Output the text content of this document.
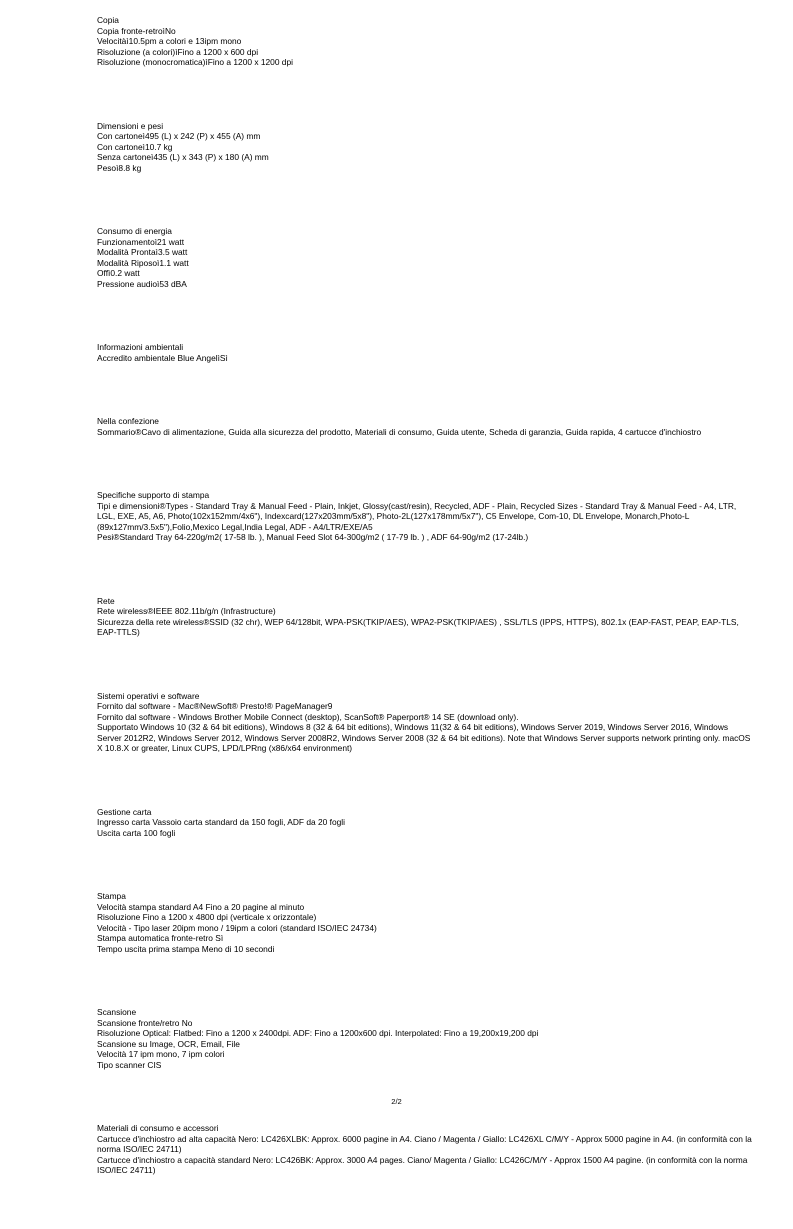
Copia
Copia fronte-retroìNo
Velocitàì10.5pm a colori e 13ipm mono
Risoluzione (a colori)ìFino a 1200 x 600 dpi
Risoluzione (monocromatica)ìFino a 1200 x 1200 dpi
Dimensioni e pesi
Con cartoneì495 (L) x 242 (P) x 455 (A) mm
Con cartoneì10.7 kg
Senza cartoneì435 (L) x 343 (P) x 180 (A) mm
Pesoì8.8 kg
Consumo di energia
Funzionamentoì21 watt
Modalità Prontaì3.5 watt
Modalità Riposoì1.1 watt
Offì0.2 watt
Pressione audioì53 dBA
Informazioni ambientali
Accredito ambientale Blue AngelìSì
Nella confezione
Sommario®Cavo di alimentazione, Guida alla sicurezza del prodotto, Materiali di consumo, Guida utente, Scheda di garanzia, Guida rapida, 4 cartucce d'inchiostro
Specifiche supporto di stampa
Tipi e dimensioni®Types - Standard Tray & Manual Feed - Plain, Inkjet, Glossy(cast/resin), Recycled, ADF - Plain, Recycled Sizes - Standard Tray & Manual Feed - A4, LTR, LGL, EXE, A5, A6, Photo(102x152mm/4x6"), Indexcard(127x203mm/5x8"), Photo-2L(127x178mm/5x7"), C5 Envelope, Com-10, DL Envelope, Monarch,Photo-L (89x127mm/3.5x5"),Folio,Mexico Legal,India Legal, ADF - A4/LTR/EXE/A5
Pesi®Standard Tray 64-220g/m2( 17-58 lb. ), Manual Feed Slot 64-300g/m2 ( 17-79 lb. ) , ADF 64-90g/m2 (17-24lb.)
Rete
Rete wireless®IEEE 802.11b/g/n (Infrastructure)
Sicurezza della rete wireless®SSID (32 chr), WEP 64/128bit, WPA-PSK(TKIP/AES), WPA2-PSK(TKIP/AES) , SSL/TLS (IPPS, HTTPS), 802.1x (EAP-FAST, PEAP, EAP-TLS, EAP-TTLS)
Sistemi operativi e software
Fornito dal software - Mac®NewSoft® Presto!® PageManager9
Fornito dal software - Windows Brother Mobile Connect (desktop), ScanSoft® Paperport® 14 SE (download only).
Supportato Windows 10 (32 & 64 bit editions), Windows 8 (32 & 64 bit editions), Windows 11(32 & 64 bit editions), Windows Server 2019, Windows Server 2016, Windows Server 2012R2, Windows Server 2012, Windows Server 2008R2, Windows Server 2008 (32 & 64 bit editions). Note that Windows Server supports network printing only. macOS X 10.8.X or greater, Linux CUPS, LPD/LPRng (x86/x64 environment)
Gestione carta
Ingresso carta Vassoio carta standard da 150 fogli, ADF da 20 fogli
Uscita carta 100 fogli
Stampa
Velocità stampa standard A4 Fino a 20 pagine al minuto
Risoluzione Fino a 1200 x 4800 dpi (verticale x orizzontale)
Velocità - Tipo laser 20ipm mono / 19ipm a colori (standard ISO/IEC 24734)
Stampa automatica fronte-retro Sì
Tempo uscita prima stampa Meno di 10 secondi
Scansione
Scansione fronte/retro No
Risoluzione Optical: Flatbed: Fino a 1200 x 2400dpi. ADF: Fino a 1200x600 dpi. Interpolated: Fino a 19,200x19,200 dpi
Scansione su Image, OCR, Email, File
Velocità 17 ipm mono, 7 ipm colori
Tipo scanner CIS
Materiali di consumo e accessori
Cartucce d'inchiostro ad alta capacità Nero: LC426XLBK: Approx. 6000 pagine in A4. Ciano / Magenta / Giallo: LC426XL C/M/Y - Approx 5000 pagine in A4. (in conformità con la norma ISO/IEC 24711)
Cartucce d'inchiostro a capacità standard Nero: LC426BK: Approx. 3000 A4 pages. Ciano/ Magenta / Giallo: LC426C/M/Y - Approx 1500 A4 pagine. (in conformità con la norma ISO/IEC 24711)
2/2
